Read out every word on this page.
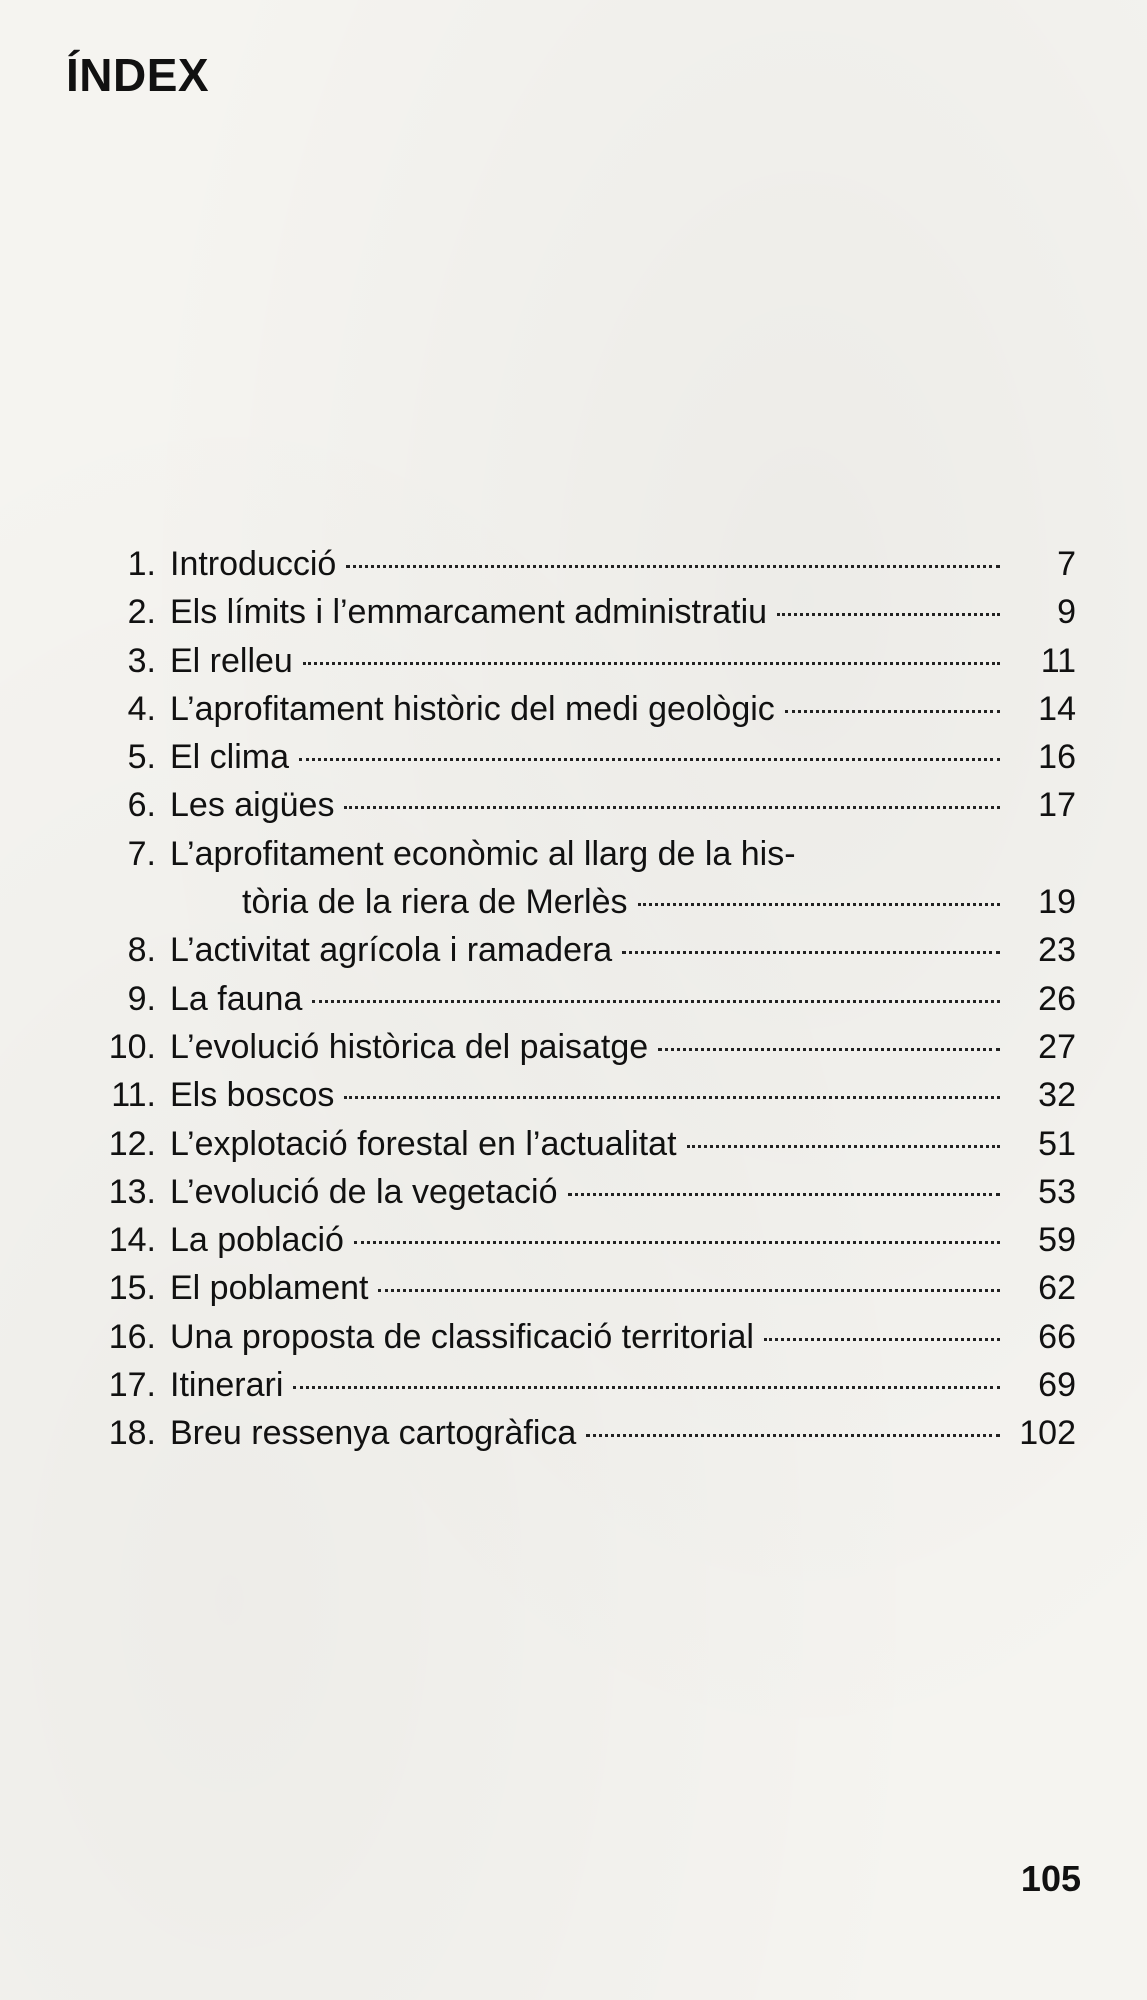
ÍNDEX
1. Introducció	7
2. Els límits i l’emmarcament administratiu	9
3. El relleu	11
4. L’aprofitament històric del medi geològic	14
5. El clima	16
6. Les aigües	17
7. L’aprofitament econòmic al llarg de la his-
tòria de la riera de Merlès	19
8. L’activitat agrícola i ramadera	23
9. La fauna	26
10. L’evolució històrica del paisatge	27
11. Els boscos	32
12. L’explotació forestal en l’actualitat	51
13. L’evolució de la vegetació	53
14. La població	59
15. El poblament	62
16. Una proposta de classificació territorial	66
17. Itinerari	69
18. Breu ressenya cartogràfica	102
105
